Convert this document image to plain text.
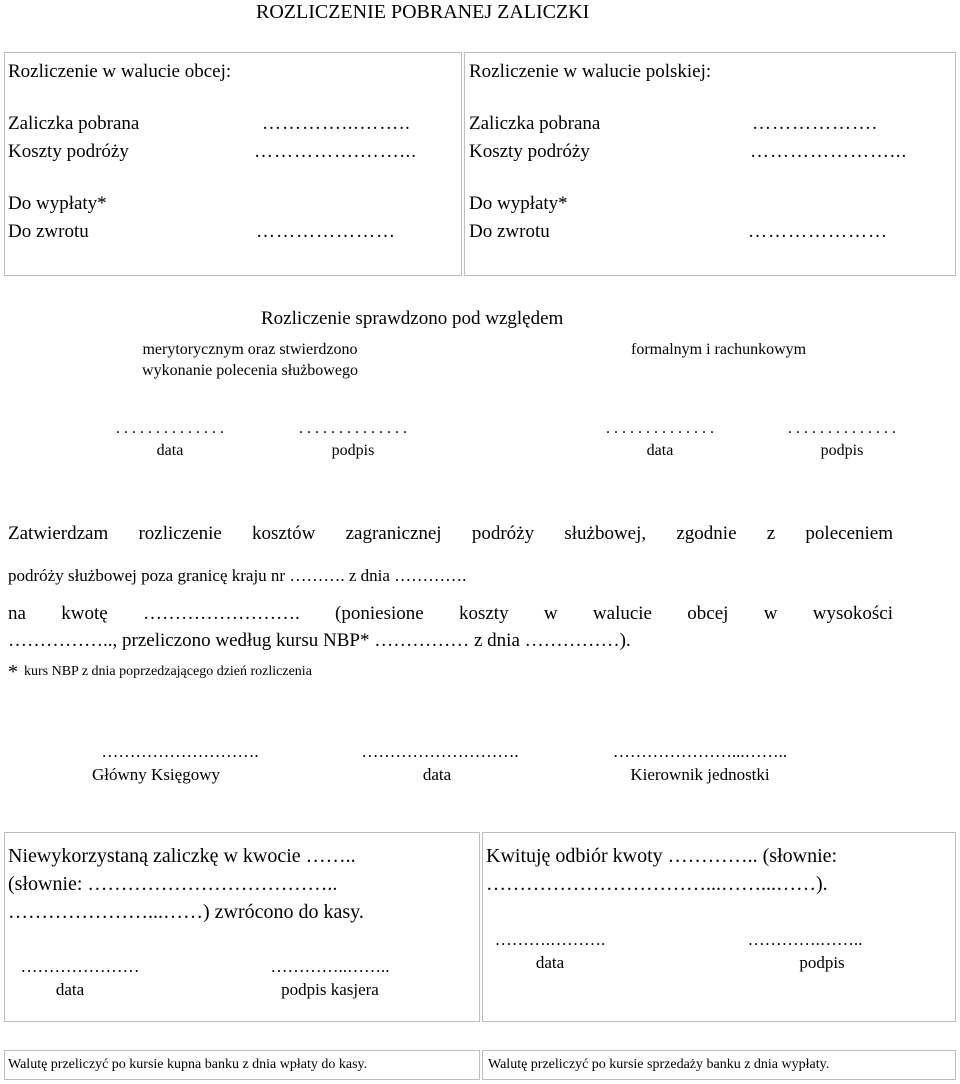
ROZLICZENIE POBRANEJ ZALICZKI
Rozliczenie w walucie obcej:
Zaliczka pobrana	…………...……..
Koszty podróży	…………….……...
Do wypłaty*
Do zwrotu	…………………
Rozliczenie w walucie polskiej:
Zaliczka pobrana	……………….
Koszty podróży	…………………...
Do wypłaty*
Do zwrotu	…………………
Rozliczenie sprawdzono pod względem
merytorycznym oraz stwierdzono
wykonanie polecenia służbowego
formalnym i rachunkowym
. . . . . . . . . . . . . .	. . . . . . . . . . . . . .	. . . . . . . . . . . . . .	. . . . . . . . . . . . . .
data	podpis	data	podpis
Zatwierdzam rozliczenie kosztów zagranicznej podróży służbowej, zgodnie z poleceniem
podróży służbowej poza granicę kraju nr ………. z dnia ………….
na kwotę ……………………. (poniesione koszty w walucie obcej w wysokości
…………….., przeliczono według kursu NBP* …………… z dnia ……………).
* kurs NBP z dnia poprzedzającego dzień rozliczenia
……………………….	……………………….	…………………...……..
Główny Księgowy	data	Kierownik jednostki
Niewykorzystaną zaliczkę w kwocie ……..
(słownie: ………………………………..
…………………...……) zwrócono do kasy.
…………………	…………..……..
data	podpis kasjera
Kwituję odbiór kwoty ………….. (słownie:
……………………………...……...……).
……….……….	………….……..
data	podpis
Walutę przeliczyć po kursie kupna banku z dnia wpłaty do kasy.	Walutę przeliczyć po kursie sprzedaży banku z dnia wypłaty.
